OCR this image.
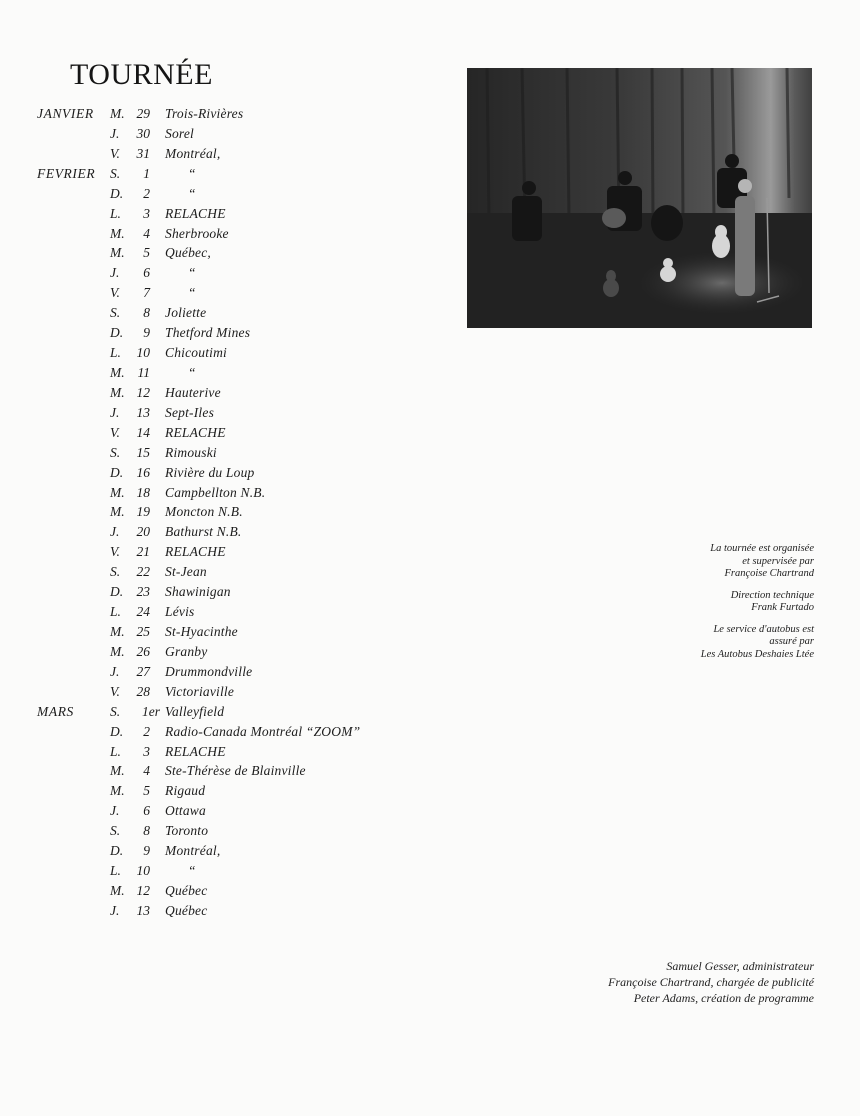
TOURNÉE
JANVIER M. 29 Trois-Rivières
J.	30 Sorel
V.	31 Montréal,
FEVRIER S.	1	“
D.	2	“
L.	3 RELACHE
M.	4 Sherbrooke
M.	5 Québec,
J.	6	“
V.	7	“
S.	8 Joliette
D.	9 Thetford Mines
L.	10 Chicoutimi
M. 11	“
M. 12 Hauterive
J.	13 Sept-Iles
V.	14 RELACHE
S.	15 Rimouski
D. 16 Rivière du Loup
M. 18 Campbellton N.B.
M. 19 Moncton N.B.
J.	20 Bathurst N.B.
V.	21 RELACHE
S.	22 St-Jean
D. 23 Shawinigan
L.	24 Lévis
M. 25 St-Hyacinthe
M. 26 Granby
J.	27 Drummondville
V.	28 Victoriaville
MARS	S.	1er Valleyfield
D.	2 Radio-Canada Montréal “ZOOM”
L.	3 RELACHE
M.	4 Ste-Thérèse de Blainville
M.	5 Rigaud
J.	6 Ottawa
S.	8 Toronto
D.	9 Montréal,
L.	10	“
M. 12 Québec
J.	13 Québec

La tournée est organisée
et supervisée par
Françoise Chartrand

Direction technique
Frank Furtado

Le service d'autobus est
assuré par
Les Autobus Deshaies Ltée

Samuel Gesser, administrateur
Françoise Chartrand, chargée de publicité
Peter Adams, création de programme
